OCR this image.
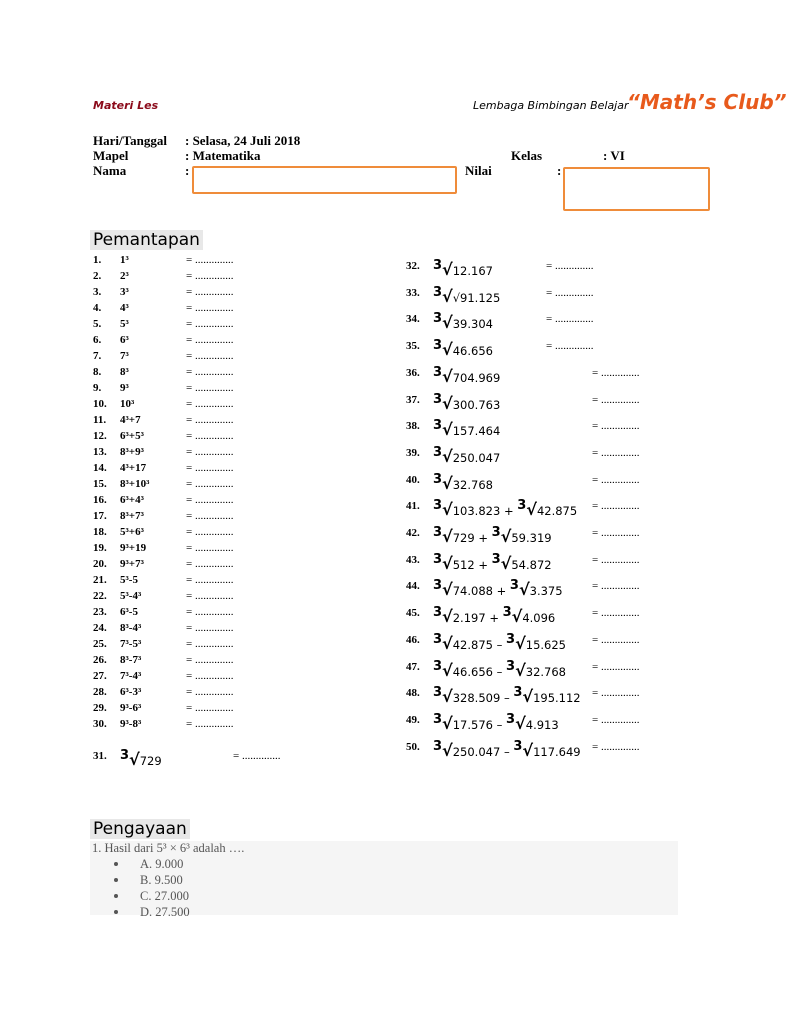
Materi Les	Lembaga Bimbingan Belajar
“Math’s Club”
Hari/Tanggal : Selasa, 24 Juli 2018
Mapel	: Matematika
Nama	:
Kelas	: VI
Nilai	:
Pemantapan
1. 1³	= ..............
2. 2³	= ..............
3. 3³	= ..............
4. 4³	= ..............
5. 5³	= ..............
6. 6³	= ..............
7. 7³	= ..............
8. 8³	= ..............
9. 9³	= ..............
10. 10³	= ..............
11. 4³+7	= ..............
12. 6³+5³	= ..............
13. 8³+9³	= ..............
14. 4³+17	= ..............
15. 8³+10³	= ..............
16. 6³+4³	= ..............
17. 8³+7³	= ..............
18. 5³+6³	= ..............
19. 9³+19	= ..............
20. 9³+7³	= ..............
21. 5³-5	= ..............
22. 5³-4³	= ..............
23. 6³-5	= ..............
24. 8³-4³	= ..............
25. 7³-5³	= ..............
26. 8³-7³	= ..............
27. 7³-4³	= ..............
28. 6³-3³	= ..............
29. 9³-6³	= ..............
30. 9³-8³	= ..............
31. $^3$√729	= ..............
32. $^3$√12.167	= ..............
33. $^3$√√91.125	= ..............
34. $^3$√39.304	= ..............
35. $^3$√46.656	= ..............
36. $^3$√704.969	= ..............
37. $^3$√300.763	= ..............
38. $^3$√157.464	= ..............
39. $^3$√250.047	= ..............
40. $^3$√32.768	= ..............
41. $^3$√103.823 + $^3$√42.875 = ..............
42. $^3$√729 + $^3$√59.319	= ..............
43. $^3$√512 + $^3$√54.872	= ..............
44. $^3$√74.088 + $^3$√3.375	= ..............
45. $^3$√2.197 + $^3$√4.096	= ..............
46. $^3$√42.875 – $^3$√15.625 = ..............
47. $^3$√46.656 – $^3$√32.768 = ..............
48. $^3$√328.509 – $^3$√195.112 = ..............
49. $^3$√17.576 – $^3$√4.913	= ..............
50. $^3$√250.047 – $^3$√117.649 = ..............
Pengayaan
1. Hasil dari 5³ × 6³ adalah ….
A. 9.000
B. 9.500
C. 27.000
D. 27.500
